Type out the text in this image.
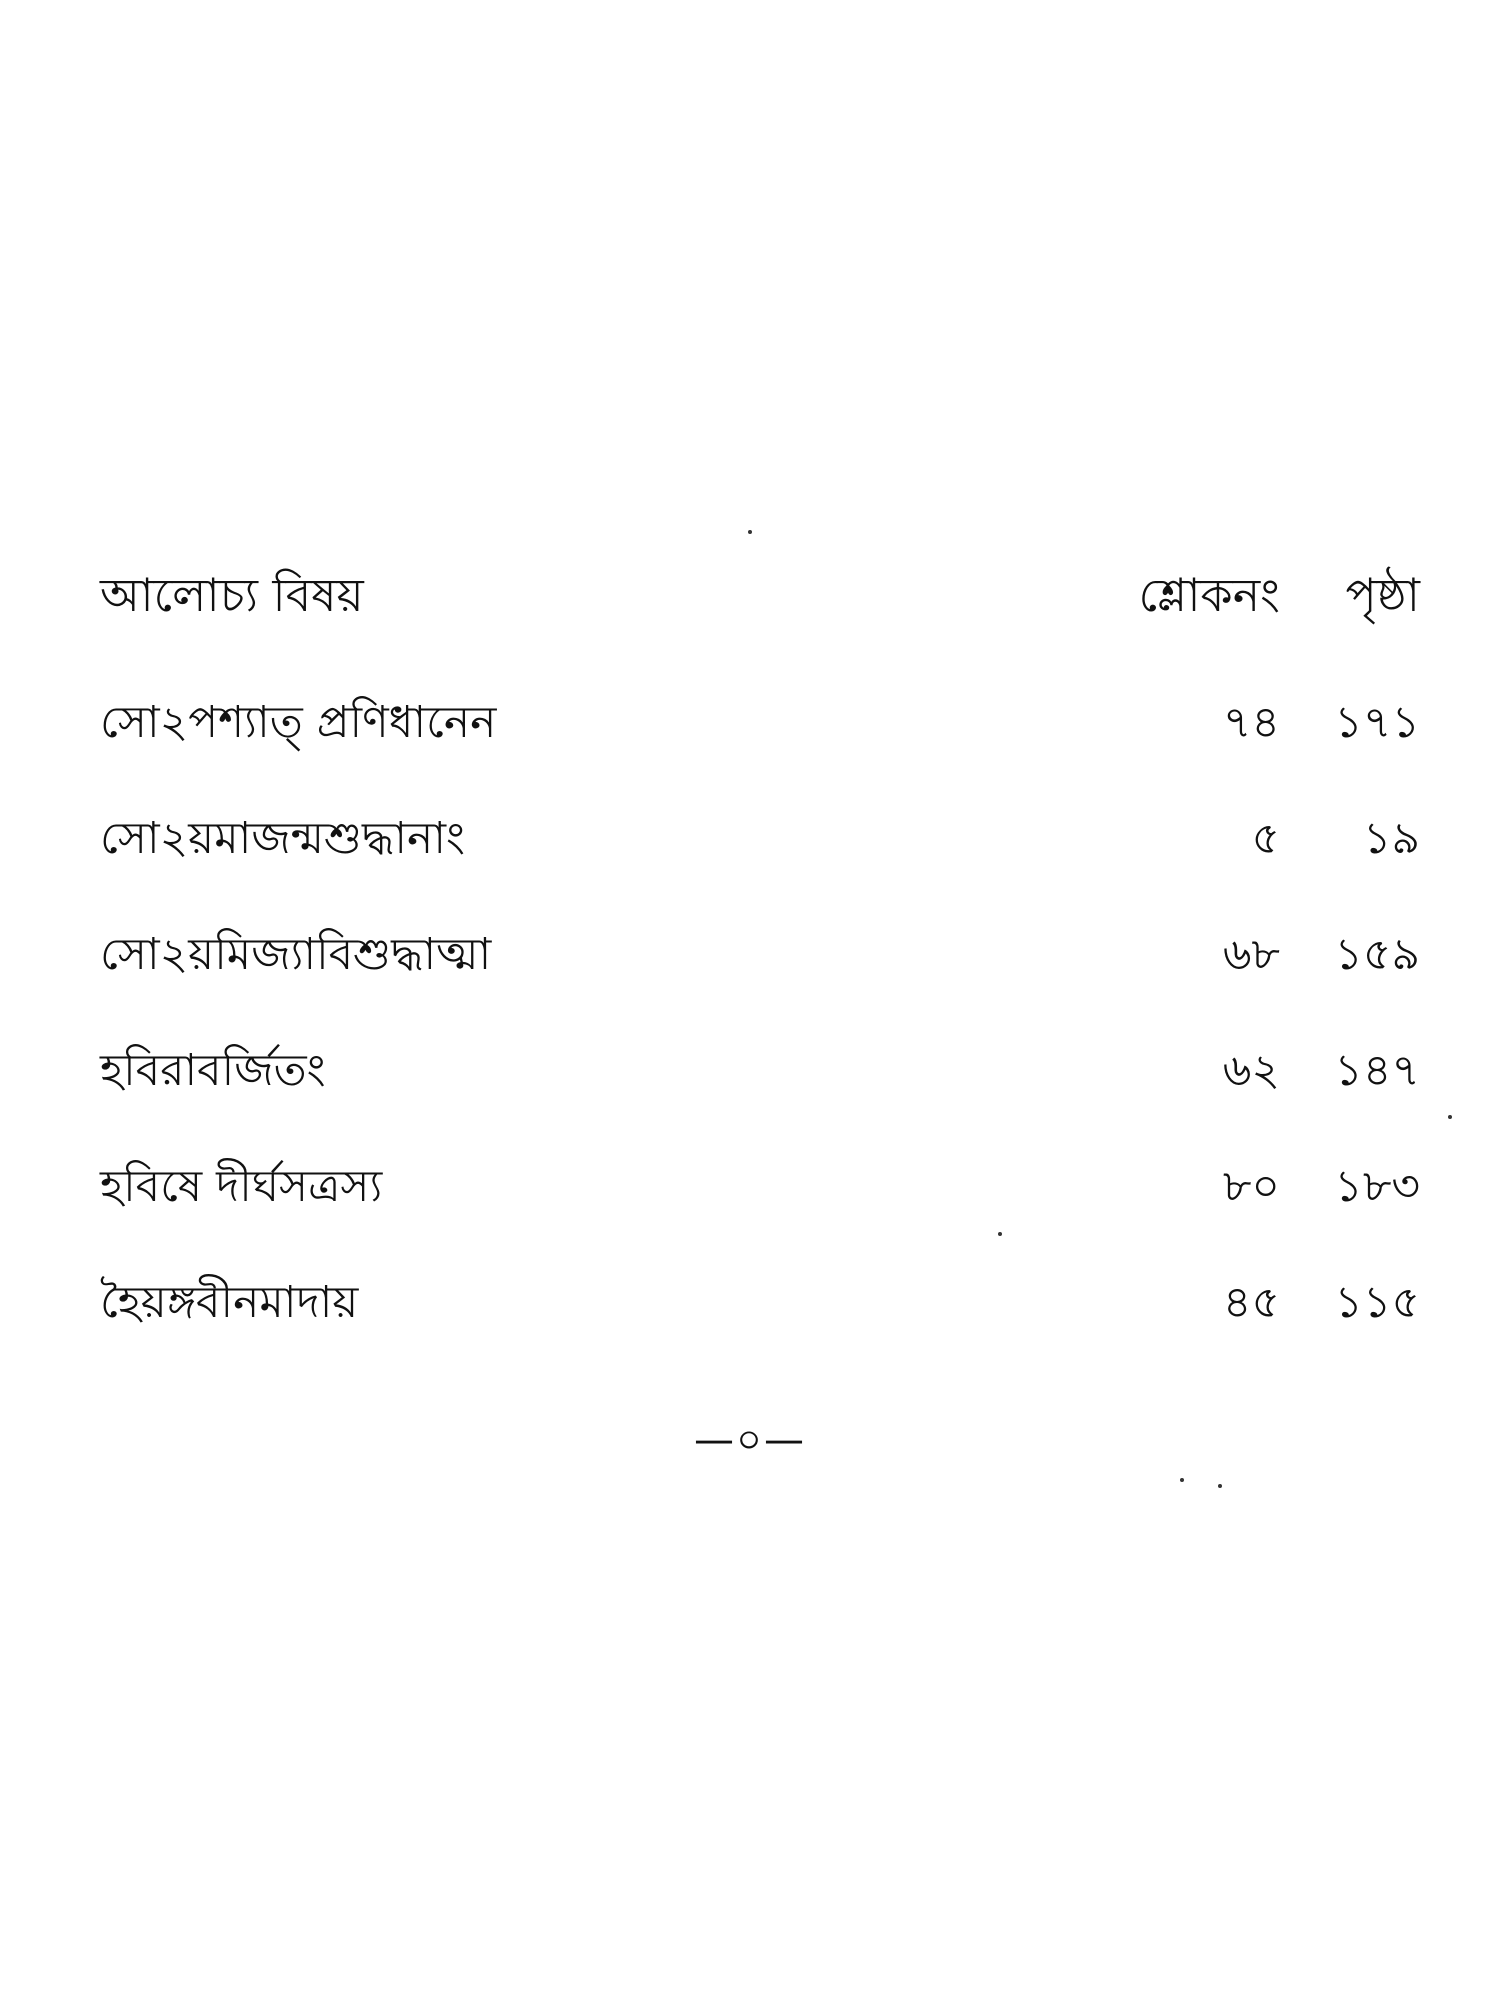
আলোচ্য বিষয়	শ্লোকনং পৃষ্ঠা
সো২পশ্যাত্‌ প্রণিধানেন	৭৪ ১৭১
সো২য়মাজন্মশুদ্ধানাং	৫ ১৯
সো২য়মিজ্যাবিশুদ্ধাত্মা	৬৮ ১৫৯
হবিরাবর্জিতং	৬২ ১৪৭
হবিষে দীর্ঘসত্রস্য	৮০ ১৮৩
হৈয়ঙ্গবীনমাদায়	৪৫ ১১৫
—০—
